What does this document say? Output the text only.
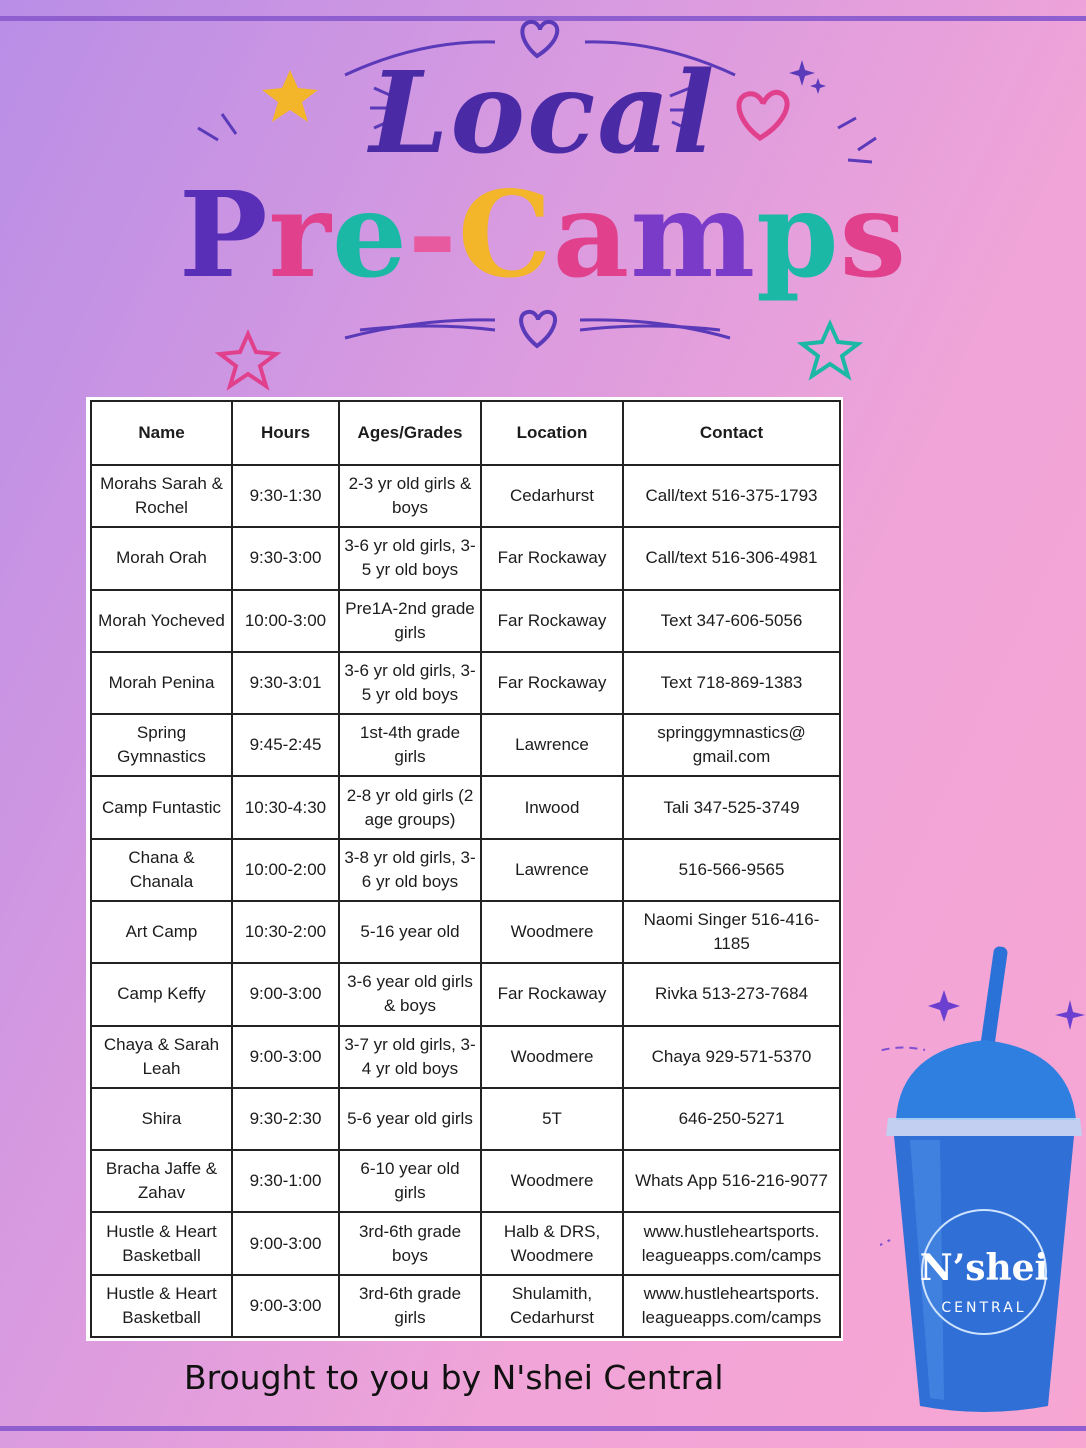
Local
Pre-Camps
Name	Hours	Ages/Grades	Location	Contact
Morahs Sarah & Rochel	9:30-1:30	2-3 yr old girls & boys	Cedarhurst	Call/text 516-375-1793
Morah Orah	9:30-3:00	3-6 yr old girls, 3-5 yr old boys	Far Rockaway	Call/text 516-306-4981
Morah Yocheved	10:00-3:00	Pre1A-2nd grade girls	Far Rockaway	Text 347-606-5056
Morah Penina	9:30-3:01	3-6 yr old girls, 3-5 yr old boys	Far Rockaway	Text 718-869-1383
Spring Gymnastics	9:45-2:45	1st-4th grade girls	Lawrence	springgymnastics@ gmail.com
Camp Funtastic	10:30-4:30	2-8 yr old girls (2 age groups)	Inwood	Tali 347-525-3749
Chana & Chanala	10:00-2:00	3-8 yr old girls, 3-6 yr old boys	Lawrence	516-566-9565
Art Camp	10:30-2:00	5-16 year old	Woodmere	Naomi Singer 516-416-1185
Camp Keffy	9:00-3:00	3-6 year old girls & boys	Far Rockaway	Rivka 513-273-7684
Chaya & Sarah Leah	9:00-3:00	3-7 yr old girls, 3-4 yr old boys	Woodmere	Chaya 929-571-5370
Shira	9:30-2:30	5-6 year old girls	5T	646-250-5271
Bracha Jaffe & Zahav	9:30-1:00	6-10 year old girls	Woodmere	Whats App 516-216-9077
Hustle & Heart Basketball	9:00-3:00	3rd-6th grade boys	Halb & DRS, Woodmere	www.hustleheartsports. leagueapps.com/camps
Hustle & Heart Basketball	9:00-3:00	3rd-6th grade girls	Shulamith, Cedarhurst	www.hustleheartsports. leagueapps.com/camps
Brought to you by N'shei Central
N’shei
CENTRAL
